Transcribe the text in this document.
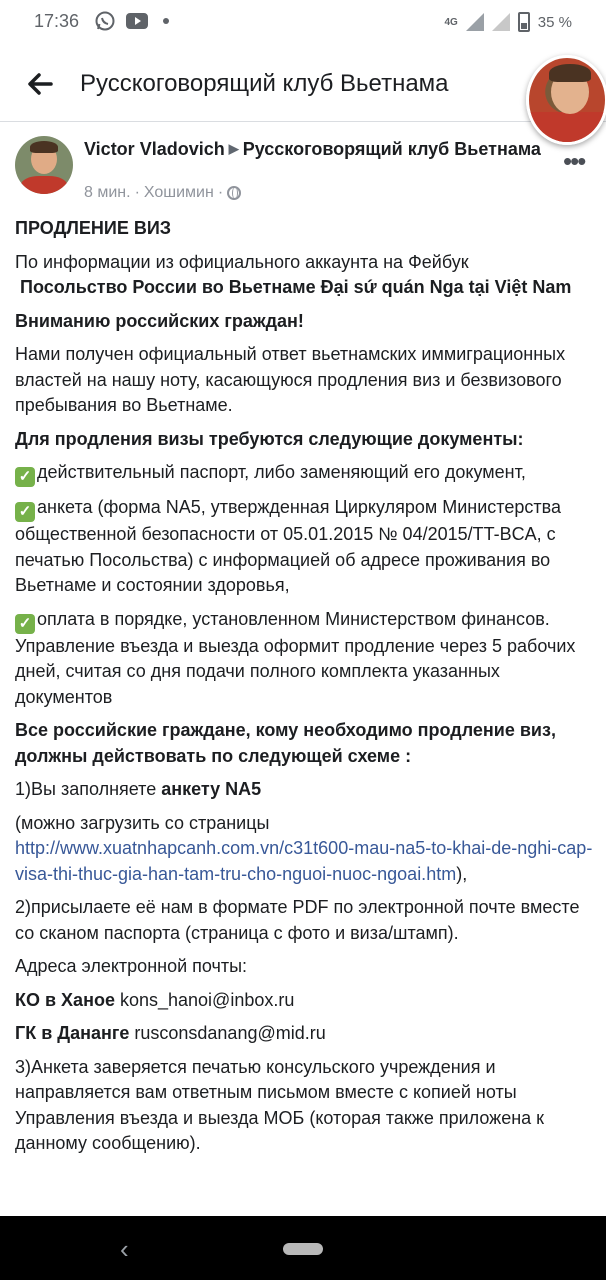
17:36	4G	35 %
Русскоговорящий клуб Вьетнама
Victor Vladovich ▶ Русскоговорящий клуб Вьетнама
8 мин. · Хошимин ·
•••

ПРОДЛЕНИЕ ВИЗ

По информации из официального аккаунта на Фейбук
Посольство России во Вьетнаме Đại sứ quán Nga tại Việt Nam

Вниманию российских граждан!

Нами получен официальный ответ вьетнамских иммиграционных властей на нашу ноту, касающуюся продления виз и безвизового пребывания во Вьетнаме.

Для продления визы требуются следующие документы:

✓ действительный паспорт, либо заменяющий его документ,

✓ анкета (форма NA5, утвержденная Циркуляром Министерства общественной безопасности от 05.01.2015 № 04/2015/TT-BCA, с печатью Посольства) с информацией об адресе проживания во Вьетнаме и состоянии здоровья,

✓ оплата в порядке, установленном Министерством финансов. Управление въезда и выезда оформит продление через 5 рабочих дней, считая со дня подачи полного комплекта указанных документов

Все российские граждане, кому необходимо продление виз, должны действовать по следующей схеме :

1)Вы заполняете анкету NA5

(можно загрузить со страницы
http://www.xuatnhapcanh.com.vn/c31t600-mau-na5-to-khai-de-nghi-cap-visa-thi-thuc-gia-han-tam-tru-cho-nguoi-nuoc-ngoai.htm),

2)присылаете её нам в формате PDF по электронной почте вместе со сканом паспорта (страница с фото и виза/штамп).

Адреса электронной почты:

КО в Ханое kons_hanoi@inbox.ru

ГК в Дананге rusconsdanang@mid.ru

3)Анкета заверяется печатью консульского учреждения и направляется вам ответным письмом вместе с копией ноты Управления въезда и выезда МОБ (которая также приложена к данному сообщению).

‹
